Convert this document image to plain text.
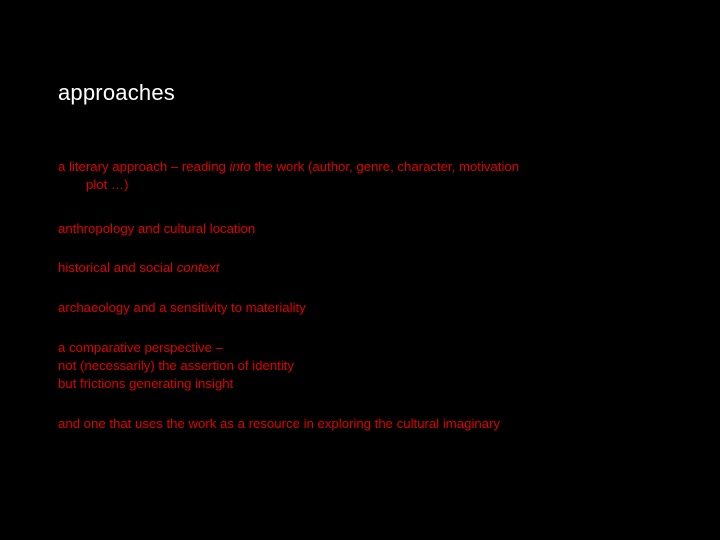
approaches

a literary approach – reading into the work (author, genre, character, motivation
plot …)

anthropology and cultural location

historical and social context

archaeology and a sensitivity to materiality

a comparative perspective –

not (necessarily) the assertion of identity

but frictions generating insight

and one that uses the work as a resource in exploring the cultural imaginary
